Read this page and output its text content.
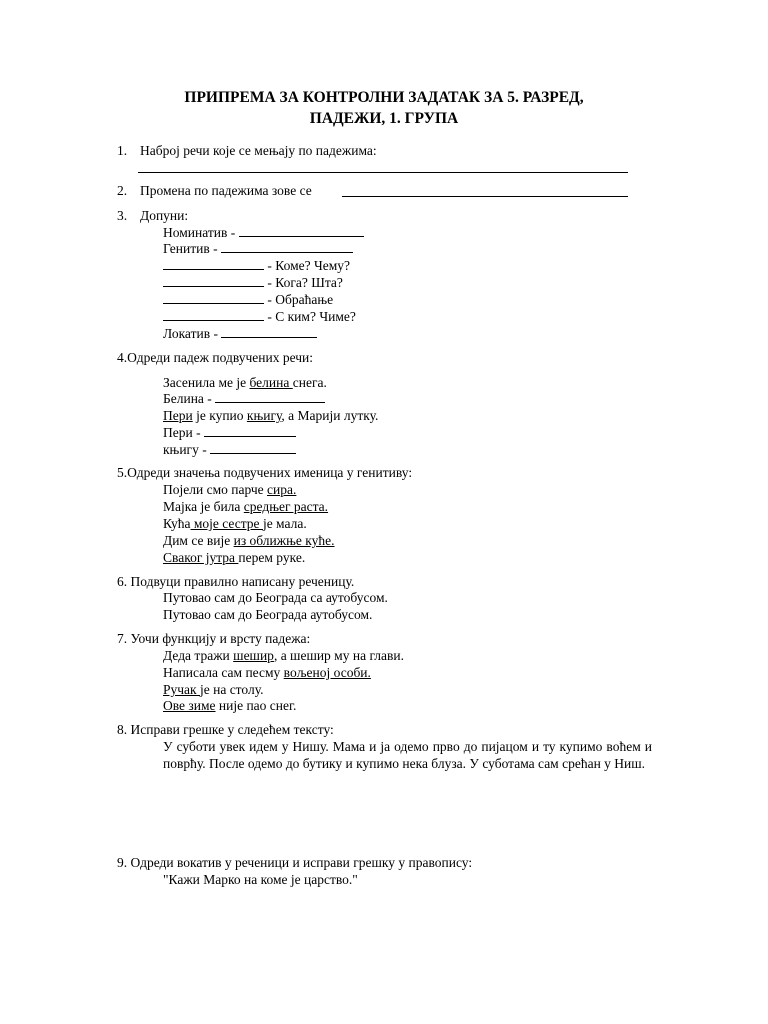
ПРИПРЕМА ЗА КОНТРОЛНИ ЗАДАТАК ЗА 5. РАЗРЕД,
ПАДЕЖИ, 1. ГРУПА
1. Наброј речи које се мењају по падежима:
2. Промена по падежима зове се
3. Допуни:
Номинатив -
Генитив -
- Коме? Чему?
- Кога? Шта?
- Обраћање
- С ким? Чиме?
Локатив -
4.Одреди падеж подвучених речи:
Засенила ме је белина снега.
Белина -
Пери је купио књигу, а Марији лутку.
Пери -
књигу -
5.Одреди значења подвучених именица у генитиву:
Појели смо парче сира.
Мајка је била средњег раста.
Кућа моје сестре је мала.
Дим се вије из оближње куће.
Сваког јутра перем руке.
6. Подвуци правилно написану реченицу.
Путовао сам до Београда са аутобусом.
Путовао сам до Београда аутобусом.
7. Уочи функцију и врсту падежа:
Деда тражи шешир, а шешир му на глави.
Написала сам песму вољеној особи.
Ручак је на столу.
Ове зиме није пао снег.
8. Исправи грешке у следећем тексту:
У суботи увек идем у Нишу. Мама и ја одемо прво до пијацом и ту купимо воћем и поврћу. После одемо до бутику и купимо нека блуза. У суботама сам срећан у Ниш.
9. Одреди вокатив у реченици и исправи грешку у правопису:
"Кажи Марко на коме је царство."
